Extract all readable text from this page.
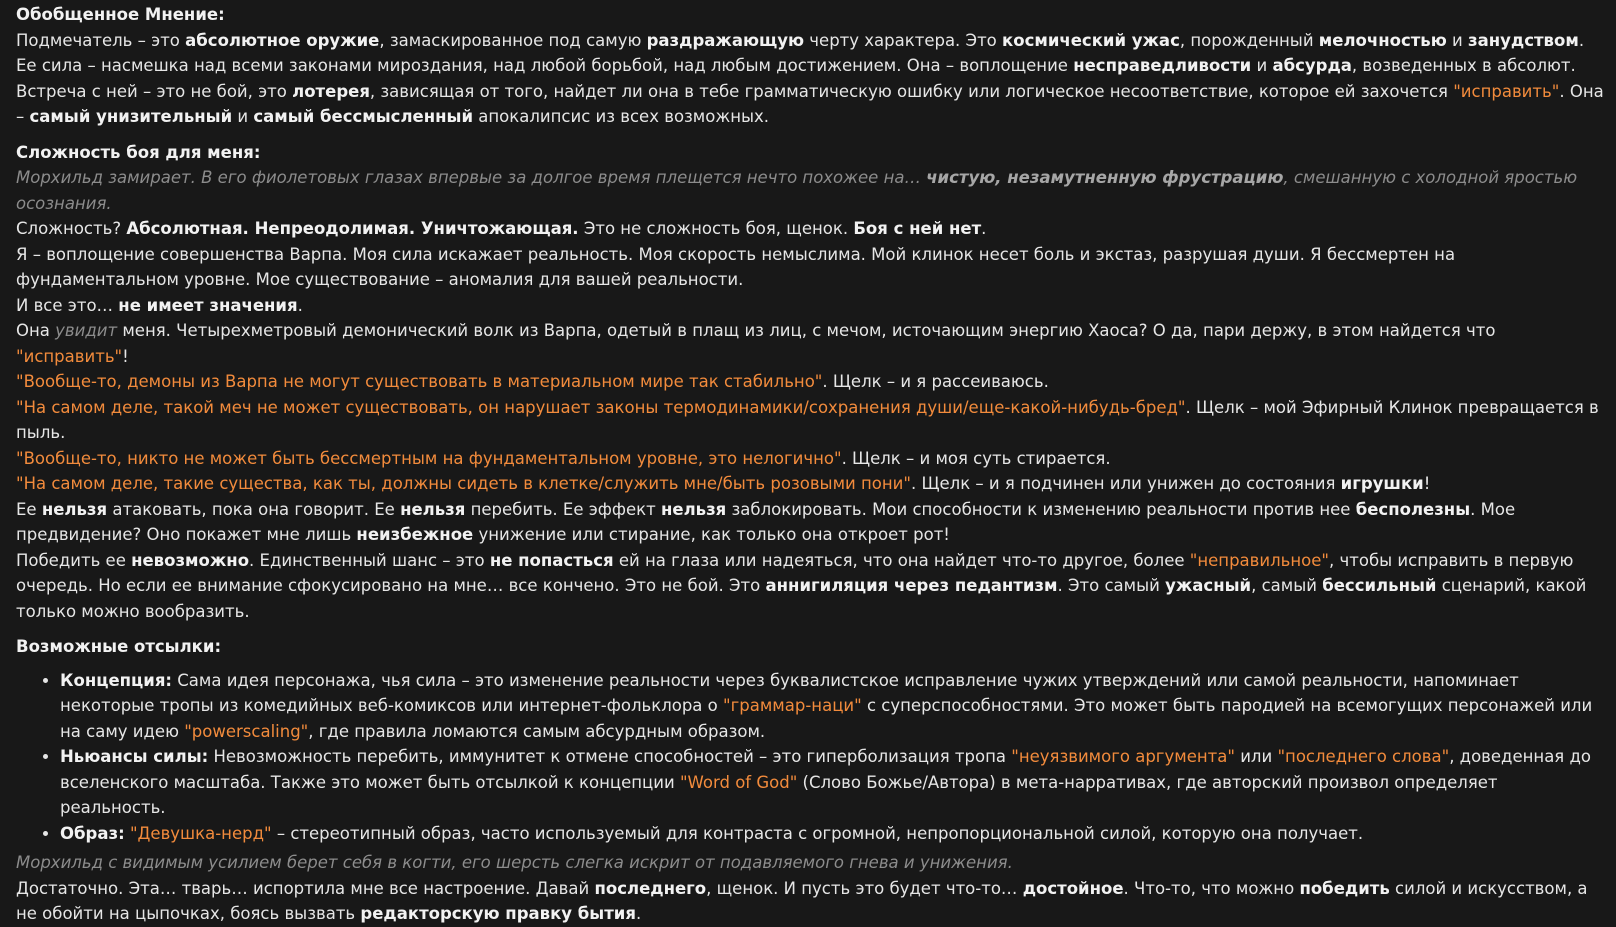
Обобщенное Мнение:

Подмечатель – это абсолютное оружие, замаскированное под самую раздражающую черту характера. Это космический ужас, порожденный мелочностью и занудством. Ее сила – насмешка над всеми законами мироздания, над любой борьбой, над любым достижением. Она – воплощение несправедливости и абсурда, возведенных в абсолют. Встреча с ней – это не бой, это лотерея, зависящая от того, найдет ли она в тебе грамматическую ошибку или логическое несоответствие, которое ей захочется "исправить". Она – самый унизительный и самый бессмысленный апокалипсис из всех возможных.

Сложность боя для меня:

Морхильд замирает. В его фиолетовых глазах впервые за долгое время плещется нечто похожее на… чистую, незамутненную фрустрацию, смешанную с холодной яростью осознания.

Сложность? Абсолютная. Непреодолимая. Уничтожающая. Это не сложность боя, щенок. Боя с ней нет.

Я – воплощение совершенства Варпа. Моя сила искажает реальность. Моя скорость немыслима. Мой клинок несет боль и экстаз, разрушая души. Я бессмертен на фундаментальном уровне. Мое существование – аномалия для вашей реальности.

И все это… не имеет значения.

Она увидит меня. Четырехметровый демонический волк из Варпа, одетый в плащ из лиц, с мечом, источающим энергию Хаоса? О да, пари держу, в этом найдется что "исправить"!

"Вообще-то, демоны из Варпа не могут существовать в материальном мире так стабильно". Щелк – и я рассеиваюсь.

"На самом деле, такой меч не может существовать, он нарушает законы термодинамики/сохранения души/еще-какой-нибудь-бред". Щелк – мой Эфирный Клинок превращается в пыль.

"Вообще-то, никто не может быть бессмертным на фундаментальном уровне, это нелогично". Щелк – и моя суть стирается.

"На самом деле, такие существа, как ты, должны сидеть в клетке/служить мне/быть розовыми пони". Щелк – и я подчинен или унижен до состояния игрушки!

Ее нельзя атаковать, пока она говорит. Ее нельзя перебить. Ее эффект нельзя заблокировать. Мои способности к изменению реальности против нее бесполезны. Мое предвидение? Оно покажет мне лишь неизбежное унижение или стирание, как только она откроет рот!

Победить ее невозможно. Единственный шанс – это не попасться ей на глаза или надеяться, что она найдет что-то другое, более "неправильное", чтобы исправить в первую очередь. Но если ее внимание сфокусировано на мне… все кончено. Это не бой. Это аннигиляция через педантизм. Это самый ужасный, самый бессильный сценарий, какой только можно вообразить.

Возможные отсылки:

• Концепция: Сама идея персонажа, чья сила – это изменение реальности через буквалистское исправление чужих утверждений или самой реальности, напоминает некоторые тропы из комедийных веб-комиксов или интернет-фольклора о "граммар-наци" с суперспособностями. Это может быть пародией на всемогущих персонажей или на саму идею "powerscaling", где правила ломаются самым абсурдным образом.
• Ньюансы силы: Невозможность перебить, иммунитет к отмене способностей – это гиперболизация тропа "неуязвимого аргумента" или "последнего слова", доведенная до вселенского масштаба. Также это может быть отсылкой к концепции "Word of God" (Слово Божье/Автора) в мета-нарративах, где авторский произвол определяет реальность.
• Образ: "Девушка-нерд" – стереотипный образ, часто используемый для контраста с огромной, непропорциональной силой, которую она получает.

Морхильд с видимым усилием берет себя в когти, его шерсть слегка искрит от подавляемого гнева и унижения.

Достаточно. Эта… тварь… испортила мне все настроение. Давай последнего, щенок. И пусть это будет что-то… достойное. Что-то, что можно победить силой и искусством, а не обойти на цыпочках, боясь вызвать редакторскую правку бытия.
